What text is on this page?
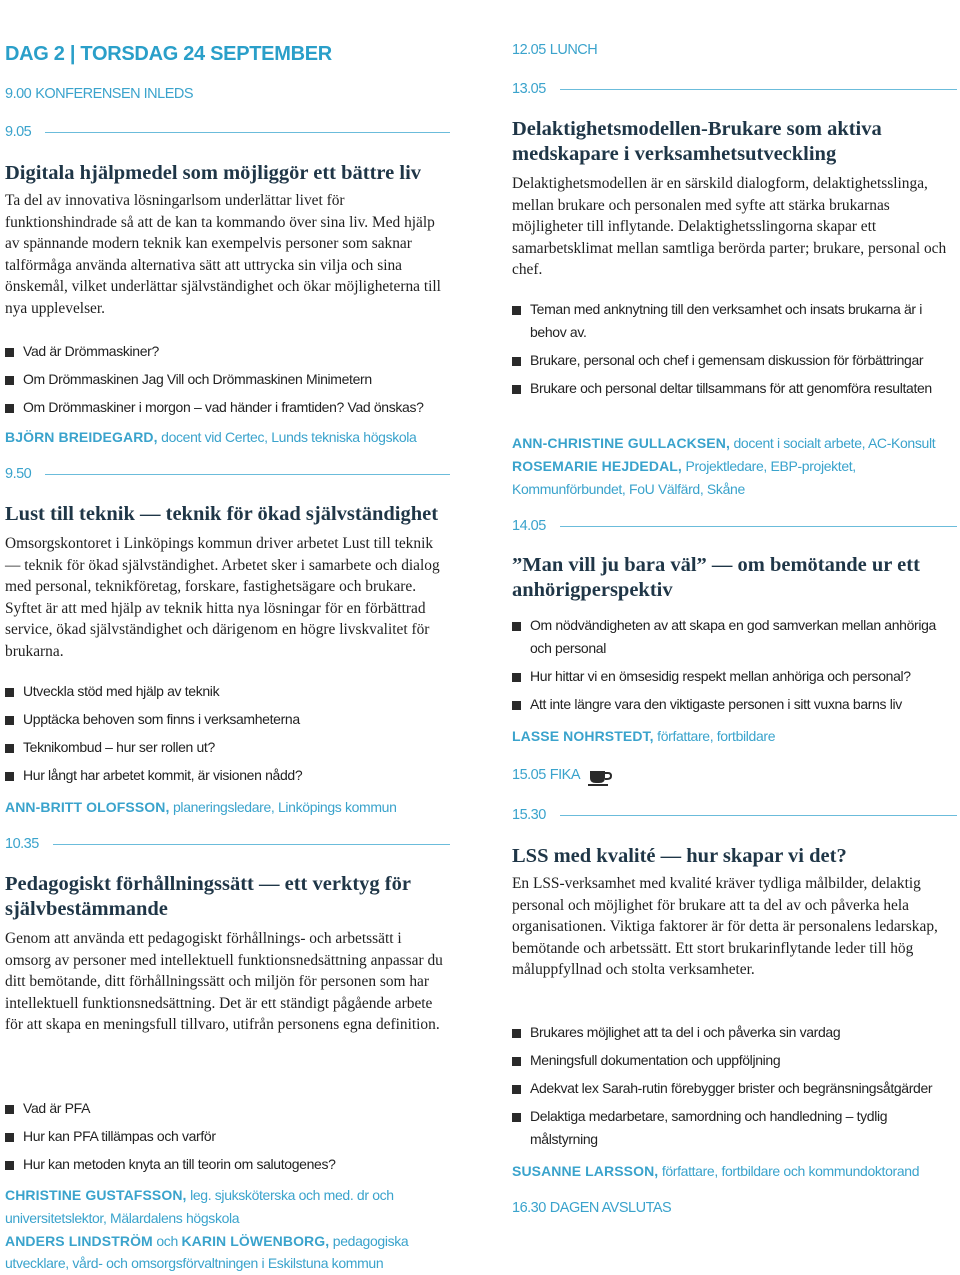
DAG 2 | TORSDAG 24 SEPTEMBER
9.00 KONFERENSEN INLEDS
9.05
Digitala hjälpmedel som möjliggör ett bättre liv

Ta del av innovativa lösningarlsom underlättar livet för funktionshindrade så att de kan ta kommando över sina liv. Med hjälp av spännande modern teknik kan exempelvis personer som saknar talförmåga använda alternativa sätt att uttrycka sin vilja och sina önskemål, vilket underlättar självständighet och ökar möjligheterna till nya upplevelser.

Vad är Drömmaskiner?
Om Drömmaskinen Jag Vill och Drömmaskinen Minimetern
Om Drömmaskiner i morgon – vad händer i framtiden? Vad önskas?
BJÖRN BREIDEGARD, docent vid Certec, Lunds tekniska högskola
9.50
Lust till teknik — teknik för ökad självständighet

Omsorgskontoret i Linköpings kommun driver arbetet Lust till teknik — teknik för ökad självständighet. Arbetet sker i samarbete och dialog med personal, teknikföretag, forskare, fastighetsägare och brukare. Syftet är att med hjälp av teknik hitta nya lösningar för en förbättrad service, ökad självständighet och därigenom en högre livskvalitet för brukarna.

Utveckla stöd med hjälp av teknik
Upptäcka behoven som finns i verksamheterna
Teknikombud – hur ser rollen ut?
Hur långt har arbetet kommit, är visionen nådd?
ANN-BRITT OLOFSSON, planeringsledare, Linköpings kommun
10.35
Pedagogiskt förhållningssätt — ett verktyg för självbestämmande

Genom att använda ett pedagogiskt förhållnings- och arbetssätt i omsorg av personer med intellektuell funktionsnedsättning anpassar du ditt bemötande, ditt förhållningssätt och miljön för personen som har intellektuell funktionsnedsättning. Det är ett ständigt pågående arbete för att skapa en meningsfull tillvaro, utifrån personens egna definition.

Vad är PFA
Hur kan PFA tillämpas och varför
Hur kan metoden knyta an till teorin om salutogenes?
CHRISTINE GUSTAFSSON, leg. sjuksköterska och med. dr och universitetslektor, Mälardalens högskola
ANDERS LINDSTRÖM och KARIN LÖWENBORG, pedagogiska utvecklare, vård- och omsorgsförvaltningen i Eskilstuna kommun
12.05 LUNCH
13.05
Delaktighetsmodellen-Brukare som aktiva medskapare i verksamhetsutveckling

Delaktighetsmodellen är en särskild dialogform, delaktighetsslinga, mellan brukare och personalen med syfte att stärka brukarnas möjligheter till inflytande. Delaktighetsslingorna skapar ett samarbetsklimat mellan samtliga berörda parter; brukare, personal och chef.

Teman med anknytning till den verksamhet och insats brukarna är i behov av.
Brukare, personal och chef i gemensam diskussion för förbättringar
Brukare och personal deltar tillsammans för att genomföra resultaten
ANN-CHRISTINE GULLACKSEN, docent i socialt arbete, AC-Konsult
ROSEMARIE HEJDEDAL, Projektledare, EBP-projektet, Kommunförbundet, FoU Välfärd, Skåne
14.05
”Man vill ju bara väl” — om bemötande ur ett anhörigperspektiv
Om nödvändigheten av att skapa en god samverkan mellan anhöriga och personal
Hur hittar vi en ömsesidig respekt mellan anhöriga och personal?
Att inte längre vara den viktigaste personen i sitt vuxna barns liv
LASSE NOHRSTEDT, författare, fortbildare
15.05 FIKA
15.30
LSS med kvalité — hur skapar vi det?

En LSS-verksamhet med kvalité kräver tydliga målbilder, delaktig personal och möjlighet för brukare att ta del av och påverka hela organisationen. Viktiga faktorer är för detta är personalens ledarskap, bemötande och arbetssätt. Ett stort brukarinflytande leder till hög måluppfyllnad och stolta verksamheter.

Brukares möjlighet att ta del i och påverka sin vardag
Meningsfull dokumentation och uppföljning
Adekvat lex Sarah-rutin förebygger brister och begränsningsåtgärder
Delaktiga medarbetare, samordning och handledning – tydlig målstyrning
SUSANNE LARSSON, författare, fortbildare och kommundoktorand
16.30 DAGEN AVSLUTAS
